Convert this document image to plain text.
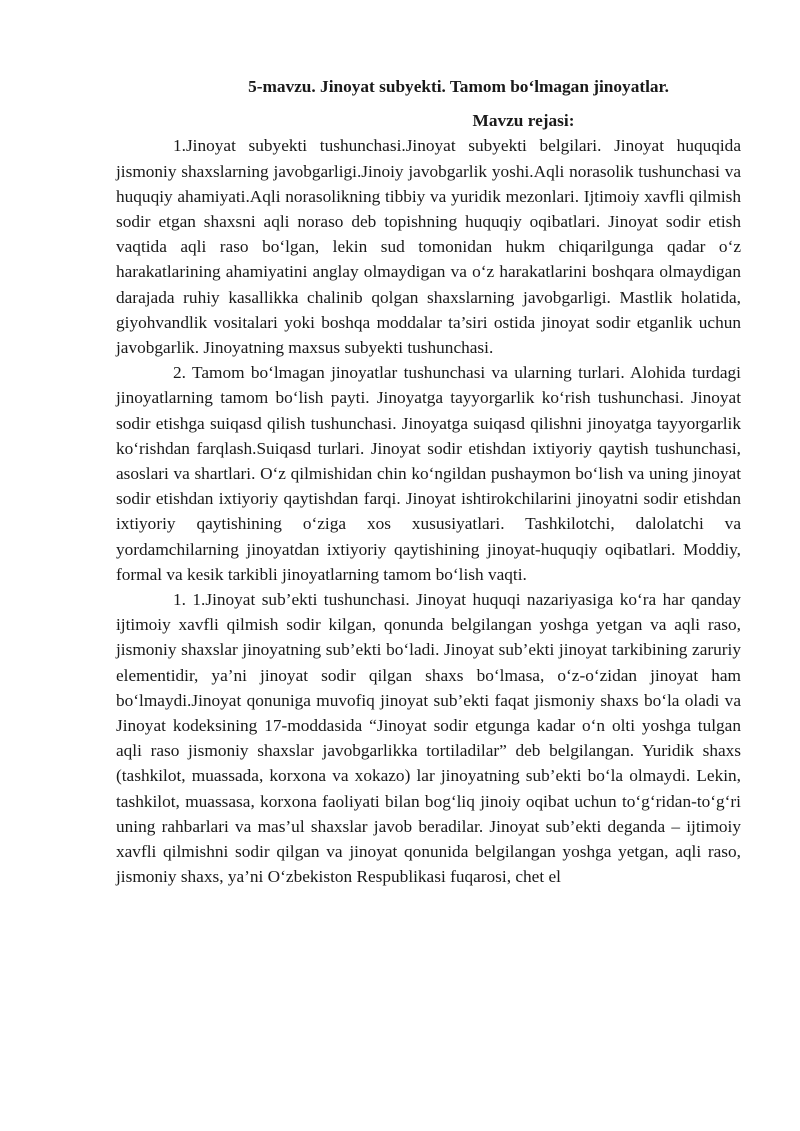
5-mavzu. Jinoyat subyekti. Tamom bo‘lmagan jinoyatlar.

Mavzu rejasi:

1.Jinoyat subyekti tushunchasi.Jinoyat subyekti belgilari. Jinoyat huquqida jismoniy shaxslarning javobgarligi.Jinoiy javobgarlik yoshi.Aqli norasolik tushunchasi va huquqiy ahamiyati.Aqli norasolikning tibbiy va yuridik mezonlari. Ijtimoiy xavfli qilmish sodir etgan shaxsni aqli noraso deb topishning huquqiy oqibatlari. Jinoyat sodir etish vaqtida aqli raso bo‘lgan, lekin sud tomonidan hukm chiqarilgunga qadar o‘z harakatlarining ahamiyatini anglay olmaydigan va o‘z harakatlarini boshqara olmaydigan darajada ruhiy kasallikka chalinib qolgan shaxslarning javobgarligi. Mastlik holatida, giyohvandlik vositalari yoki boshqa moddalar ta’siri ostida jinoyat sodir etganlik uchun javobgarlik. Jinoyatning maxsus subyekti tushunchasi.

2. Tamom bo‘lmagan jinoyatlar tushunchasi va ularning turlari. Alohida turdagi jinoyatlarning tamom bo‘lish payti. Jinoyatga tayyorgarlik ko‘rish tushunchasi. Jinoyat sodir etishga suiqasd qilish tushunchasi. Jinoyatga suiqasd qilishni jinoyatga tayyorgarlik ko‘rishdan farqlash.Suiqasd turlari. Jinoyat sodir etishdan ixtiyoriy qaytish tushunchasi, asoslari va shartlari. O‘z qilmishidan chin ko‘ngildan pushaymon bo‘lish va uning jinoyat sodir etishdan ixtiyoriy qaytishdan farqi. Jinoyat ishtirokchilarini jinoyatni sodir etishdan ixtiyoriy qaytishining o‘ziga xos xususiyatlari. Tashkilotchi, dalolatchi va yordamchilarning jinoyatdan ixtiyoriy qaytishining jinoyat-huquqiy oqibatlari. Moddiy, formal va kesik tarkibli jinoyatlarning tamom bo‘lish vaqti.

1. 1.Jinoyat sub’ekti tushunchasi. Jinoyat huquqi nazariyasiga ko‘ra har qanday ijtimoiy xavfli qilmish sodir kilgan, qonunda belgilangan yoshga yetgan va aqli raso, jismoniy shaxslar jinoyatning sub’ekti bo‘ladi. Jinoyat sub’ekti jinoyat tarkibining zaruriy elementidir, ya’ni jinoyat sodir qilgan shaxs bo‘lmasa, o‘z-o‘zidan jinoyat ham bo‘lmaydi.Jinoyat qonuniga muvofiq jinoyat sub’ekti faqat jismoniy shaxs bo‘la oladi va Jinoyat kodeksining 17-moddasida “Jinoyat sodir etgunga kadar o‘n olti yoshga tulgan aqli raso jismoniy shaxslar javobgarlikka tortiladilar” deb belgilangan. Yuridik shaxs (tashkilot, muassada, korxona va xokazo) lar jinoyatning sub’ekti bo‘la olmaydi. Lekin, tashkilot, muassasa, korxona faoliyati bilan bog‘liq jinoiy oqibat uchun to‘g‘ridan-to‘g‘ri uning rahbarlari va mas’ul shaxslar javob beradilar. Jinoyat sub’ekti deganda – ijtimoiy xavfli qilmishni sodir qilgan va jinoyat qonunida belgilangan yoshga yetgan, aqli raso, jismoniy shaxs, ya’ni O‘zbekiston Respublikasi fuqarosi, chet el
